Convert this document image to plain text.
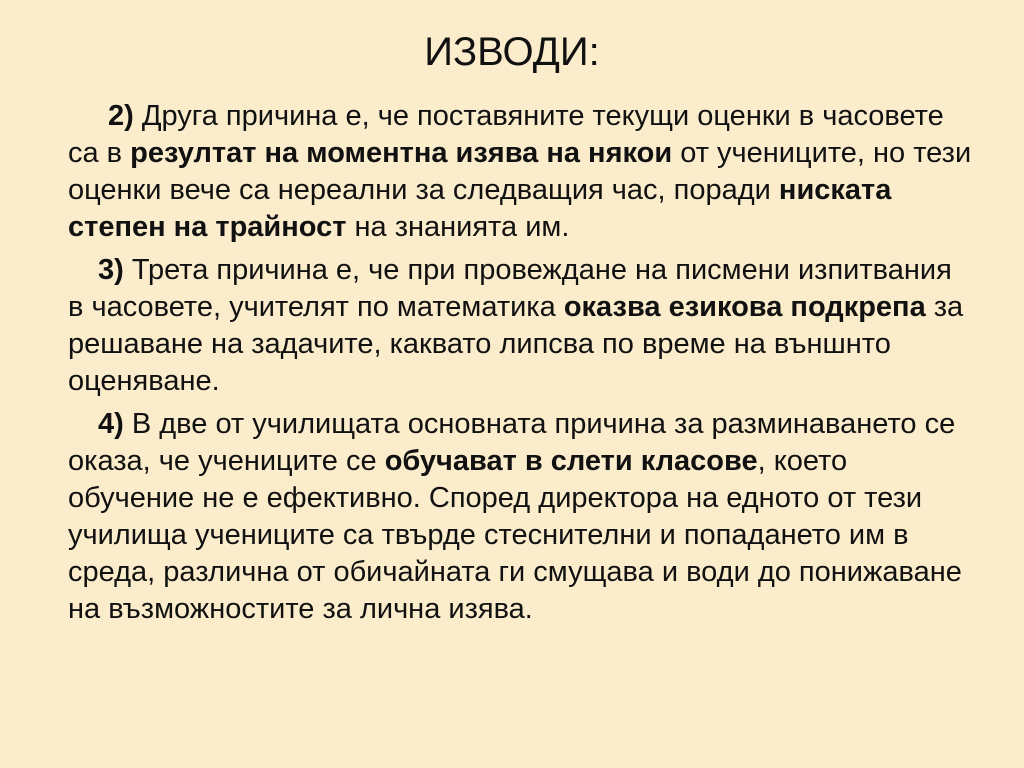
ИЗВОДИ:

2) Друга причина е, че поставяните текущи оценки в часовете са в резултат на моментна изява на някои от учениците, но тези оценки вече са нереални за следващия час, поради ниската степен на трайност на знанията им.

3) Трета причина е, че при провеждане на писмени изпитвания в часовете, учителят по математика оказва езикова подкрепа за решаване на задачите, каквато липсва по време на външнто оценяване.

4) В две от училищата основната причина за разминаването се оказа, че учениците се обучават в слети класове, което обучение не е ефективно. Според директора на едното от тези училища учениците са твърде стеснителни и попадането им в среда, различна от обичайната ги смущава и води до понижаване на възможностите за лична изява.
